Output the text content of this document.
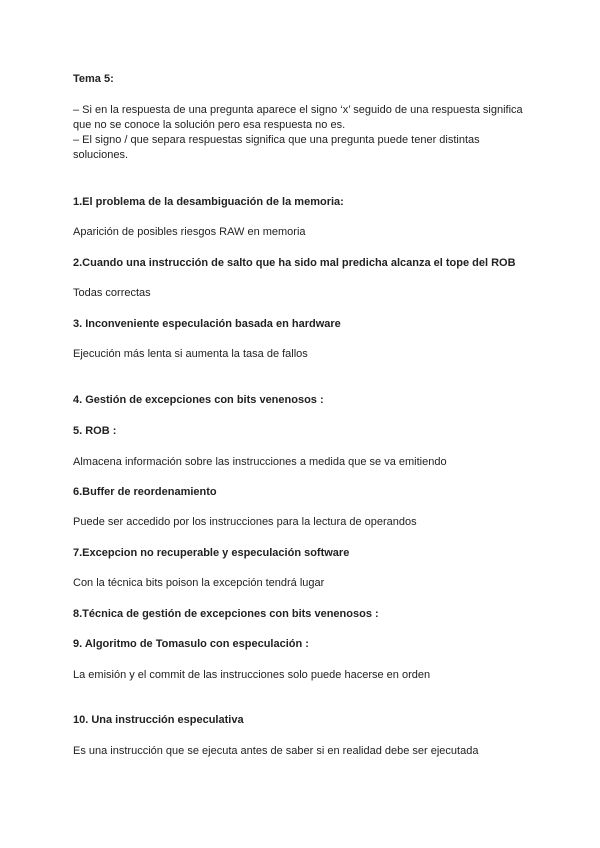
Tema 5:

– Si en la respuesta de una pregunta aparece el signo ‘x’ seguido de una respuesta significa

que no se conoce la solución pero esa respuesta no es.

– El signo / que separa respuestas significa que una pregunta puede tener distintas

soluciones.

1.El problema de la desambiguación de la memoria:

Aparición de posibles riesgos RAW en memoria

2.Cuando una instrucción de salto que ha sido mal predicha alcanza el tope del ROB

Todas correctas

3. Inconveniente especulación basada en hardware

Ejecución más lenta si aumenta la tasa de fallos

4. Gestión de excepciones con bits venenosos :

5. ROB :

Almacena información sobre las instrucciones a medida que se va emitiendo

6.Buffer de reordenamiento

Puede ser accedido por los instrucciones para la lectura de operandos

7.Excepcion no recuperable y especulación software

Con la técnica bits poison la excepción tendrá lugar

8.Técnica de gestión de excepciones con bits venenosos :

9. Algoritmo de Tomasulo con especulación :

La emisión y el commit de las instrucciones solo puede hacerse en orden

10. Una instrucción especulativa

Es una instrucción que se ejecuta antes de saber si en realidad debe ser ejecutada
